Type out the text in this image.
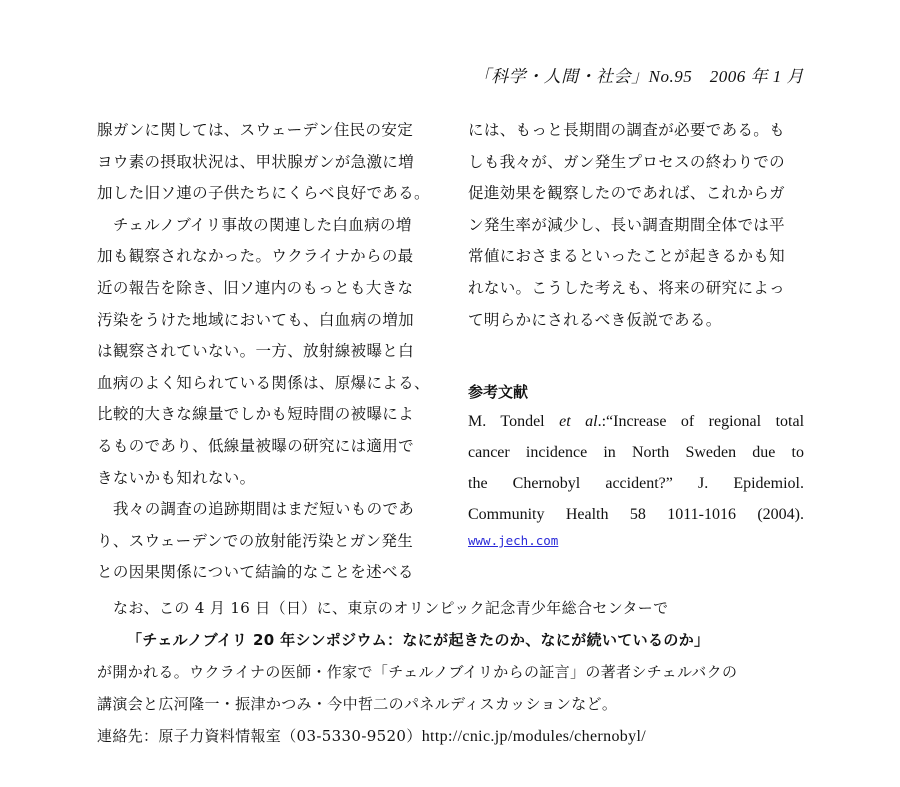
「科学・人間・社会」No.95　2006 年 1 月
腺ガンに関しては、スウェーデン住民の安定
ヨウ素の摂取状況は、甲状腺ガンが急激に増
加した旧ソ連の子供たちにくらべ良好である。
チェルノブイリ事故の関連した白血病の増
加も観察されなかった。ウクライナからの最
近の報告を除き、旧ソ連内のもっとも大きな
汚染をうけた地域においても、白血病の増加
は観察されていない。一方、放射線被曝と白
血病のよく知られている関係は、原爆による、
比較的大きな線量でしかも短時間の被曝によ
るものであり、低線量被曝の研究には適用で
きないかも知れない。
我々の調査の追跡期間はまだ短いものであ
り、スウェーデンでの放射能汚染とガン発生
との因果関係について結論的なことを述べる
には、もっと長期間の調査が必要である。も
しも我々が、ガン発生プロセスの終わりでの
促進効果を観察したのであれば、これからガ
ン発生率が減少し、長い調査期間全体では平
常値におさまるといったことが起きるかも知
れない。こうした考えも、将来の研究によっ
て明らかにされるべき仮説である。
参考文献
M. Tondel et al.:“Increase of regional total
cancer incidence in North Sweden due to
the Chernobyl accident?” J. Epidemiol.
Community Health 58 1011-1016 (2004).
www.jech.com
なお、この 4 月 16 日（日）に、東京のオリンピック記念青少年総合センターで
「チェルノブイリ 20 年シンポジウム：なにが起きたのか、なにが続いているのか」
が開かれる。ウクライナの医師・作家で「チェルノブイリからの証言」の著者シチェルバクの
講演会と広河隆一・振津かつみ・今中哲二のパネルディスカッションなど。
連絡先：原子力資料情報室（03-5330-9520）http://cnic.jp/modules/chernobyl/
